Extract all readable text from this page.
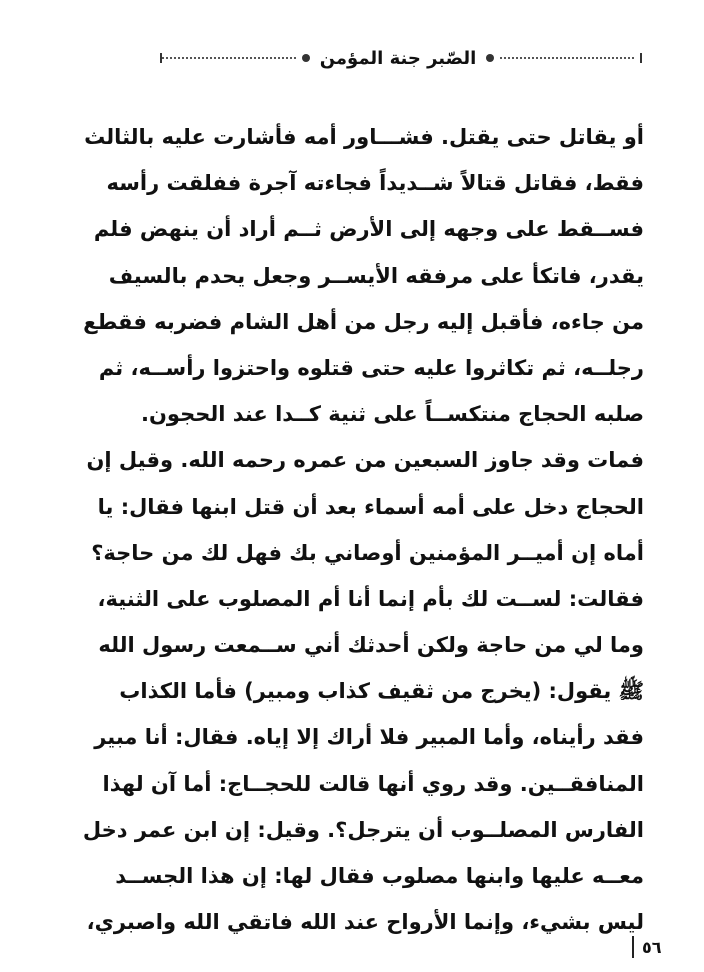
الصّبر جنة المؤمن
أو يقاتل حتى يقتل. فشـــاور أمه فأشارت عليه بالثالث
فقط، فقاتل قتالاً شــديداً فجاءته آجرة ففلقت رأسه
فســقط على وجهه إلى الأرض ثــم أراد أن ينهض فلم
يقدر، فاتكأ على مرفقه الأيســر وجعل يحدم بالسيف
من جاءه، فأقبل إليه رجل من أهل الشام فضربه فقطع
رجلــه، ثم تكاثروا عليه حتى قتلوه واحتزوا رأســه، ثم
صلبه الحجاج منتكســاً على ثنية كــدا عند الحجون.
فمات وقد جاوز السبعين من عمره رحمه الله. وقيل إن
الحجاج دخل على أمه أسماء بعد أن قتل ابنها فقال: يا
أماه إن أميــر المؤمنين أوصاني بك فهل لك من حاجة؟
فقالت: لســت لك بأم إنما أنا أم المصلوب على الثنية،
وما لي من حاجة ولكن أحدثك أني ســمعت رسول الله
ﷺ يقول: (يخرج من ثقيف كذاب ومبير) فأما الكذاب
فقد رأيناه، وأما المبير فلا أراك إلا إياه. فقال: أنا مبير
المنافقــين. وقد روي أنها قالت للحجــاج: أما آن لهذا
الفارس المصلــوب أن يترجل؟. وقيل: إن ابن عمر دخل
معــه عليها وابنها مصلوب فقال لها: إن هذا الجســد
ليس بشيء، وإنما الأرواح عند الله فاتقي الله واصبري،
٥٦
